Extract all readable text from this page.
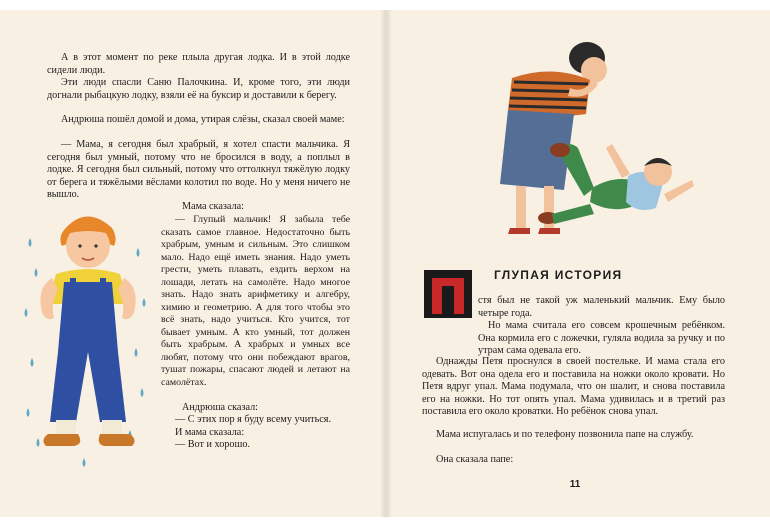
А в этот момент по реке плыла другая лодка. И в этой лодке сидели люди.

Эти люди спасли Саню Палочкина. И, кроме того, эти люди догнали рыбацкую лодку, взяли её на буксир и доставили к берегу.

Андрюша пошёл домой и дома, утирая слёзы, сказал своей маме:

— Мама, я сегодня был храбрый, я хотел спасти мальчика. Я сегодня был умный, потому что не бросился в воду, а поплыл в лодке. Я сегодня был сильный, потому что оттолкнул тяжёлую лодку от берега и тяжёлыми вёслами колотил по воде. Но у меня ничего не вышло.

Мама сказала:

— Глупый мальчик! Я забыла тебе сказать самое главное. Недостаточно быть храбрым, умным и сильным. Это слишком мало. Надо ещё иметь знания. Надо уметь грести, уметь плавать, ездить верхом на лошади, летать на самолёте. Надо многое знать. Надо знать арифметику и алгебру, химию и геометрию. А для того чтобы это всё знать, надо учиться. Кто учится, тот бывает умным. А кто умный, тот должен быть храбрым. А храбрых и умных все любят, потому что они побеждают врагов, тушат пожары, спасают людей и летают на самолётах.

Андрюша сказал:

— С этих пор я буду всему учиться.

И мама сказала:

— Вот и хорошо.

ГЛУПАЯ ИСТОРИЯ

стя был не такой уж маленький мальчик. Ему было четыре года.

Но мама считала его совсем крошечным ребёнком. Она кормила его с ложечки, гуляла водила за ручку и по утрам сама одевала его.

Однажды Петя проснулся в своей постельке. И мама стала его одевать. Вот она одела его и поставила на ножки около кровати. Но Петя вдруг упал. Мама подумала, что он шалит, и снова поставила его на ножки. Но тот опять упал. Мама удивилась и в третий раз поставила его около кроватки. Но ребёнок снова упал.

Мама испугалась и по телефону позвонила папе на службу.

Она сказала папе:

11
